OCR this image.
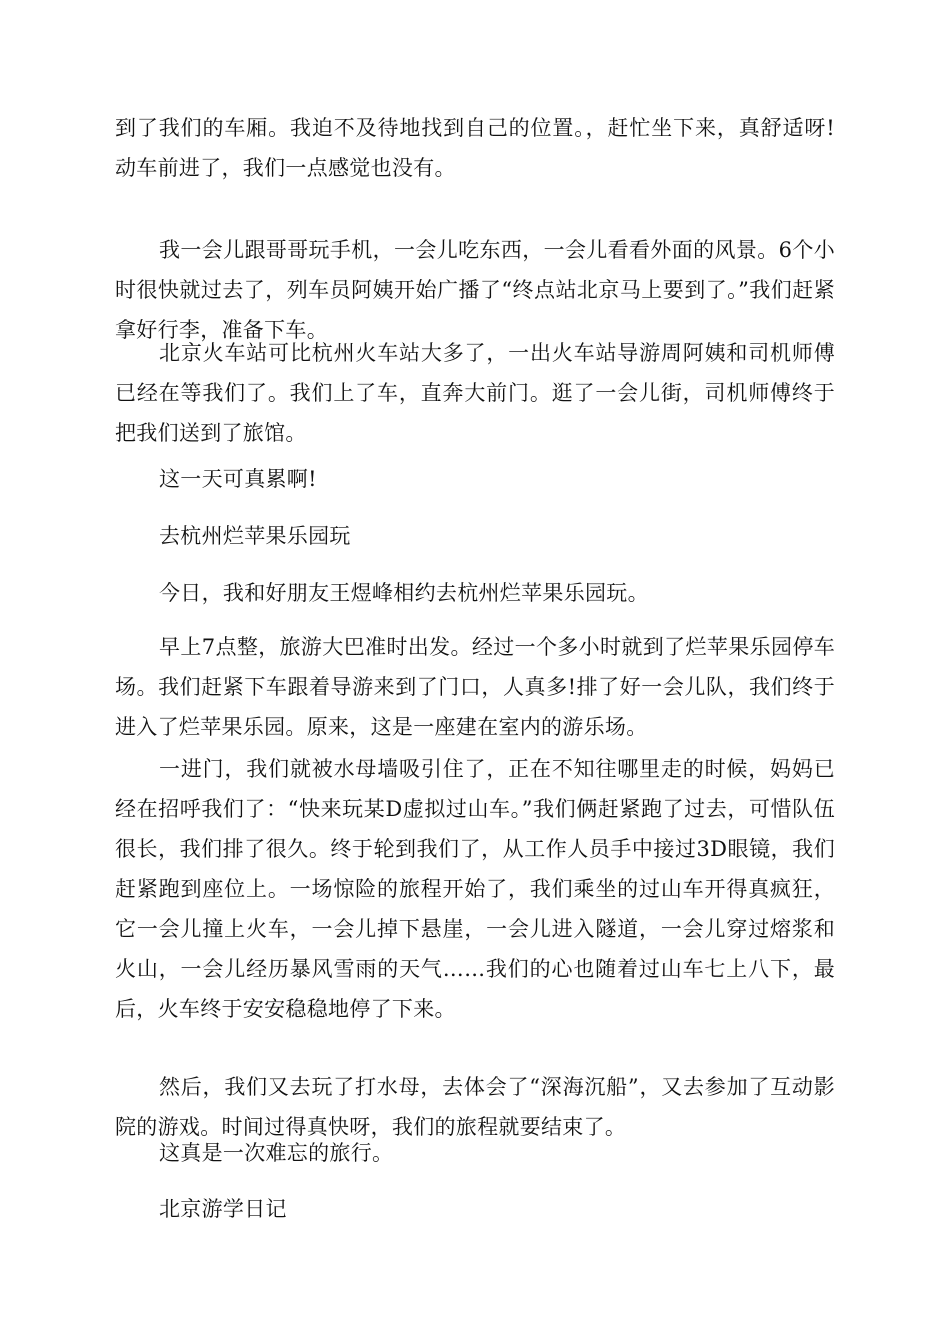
到了我们的车厢。我迫不及待地找到自己的位置。，赶忙坐下来，真舒适呀!动车前进了，我们一点感觉也没有。

我一会儿跟哥哥玩手机，一会儿吃东西，一会儿看看外面的风景。6个小时很快就过去了，列车员阿姨开始广播了“终点站北京马上要到了。”我们赶紧拿好行李，准备下车。

北京火车站可比杭州火车站大多了，一出火车站导游周阿姨和司机师傅已经在等我们了。我们上了车，直奔大前门。逛了一会儿街，司机师傅终于把我们送到了旅馆。

这一天可真累啊!

去杭州烂苹果乐园玩

今日，我和好朋友王煜峰相约去杭州烂苹果乐园玩。

早上7点整，旅游大巴准时出发。经过一个多小时就到了烂苹果乐园停车场。我们赶紧下车跟着导游来到了门口，人真多!排了好一会儿队，我们终于进入了烂苹果乐园。原来，这是一座建在室内的游乐场。

一进门，我们就被水母墙吸引住了，正在不知往哪里走的时候，妈妈已经在招呼我们了：“快来玩某D虚拟过山车。”我们俩赶紧跑了过去，可惜队伍很长，我们排了很久。终于轮到我们了，从工作人员手中接过3D眼镜，我们赶紧跑到座位上。一场惊险的旅程开始了，我们乘坐的过山车开得真疯狂，它一会儿撞上火车，一会儿掉下悬崖，一会儿进入隧道，一会儿穿过熔浆和火山，一会儿经历暴风雪雨的天气……我们的心也随着过山车七上八下，最后，火车终于安安稳稳地停了下来。

然后，我们又去玩了打水母，去体会了“深海沉船”，又去参加了互动影院的游戏。时间过得真快呀，我们的旅程就要结束了。

这真是一次难忘的旅行。

北京游学日记
